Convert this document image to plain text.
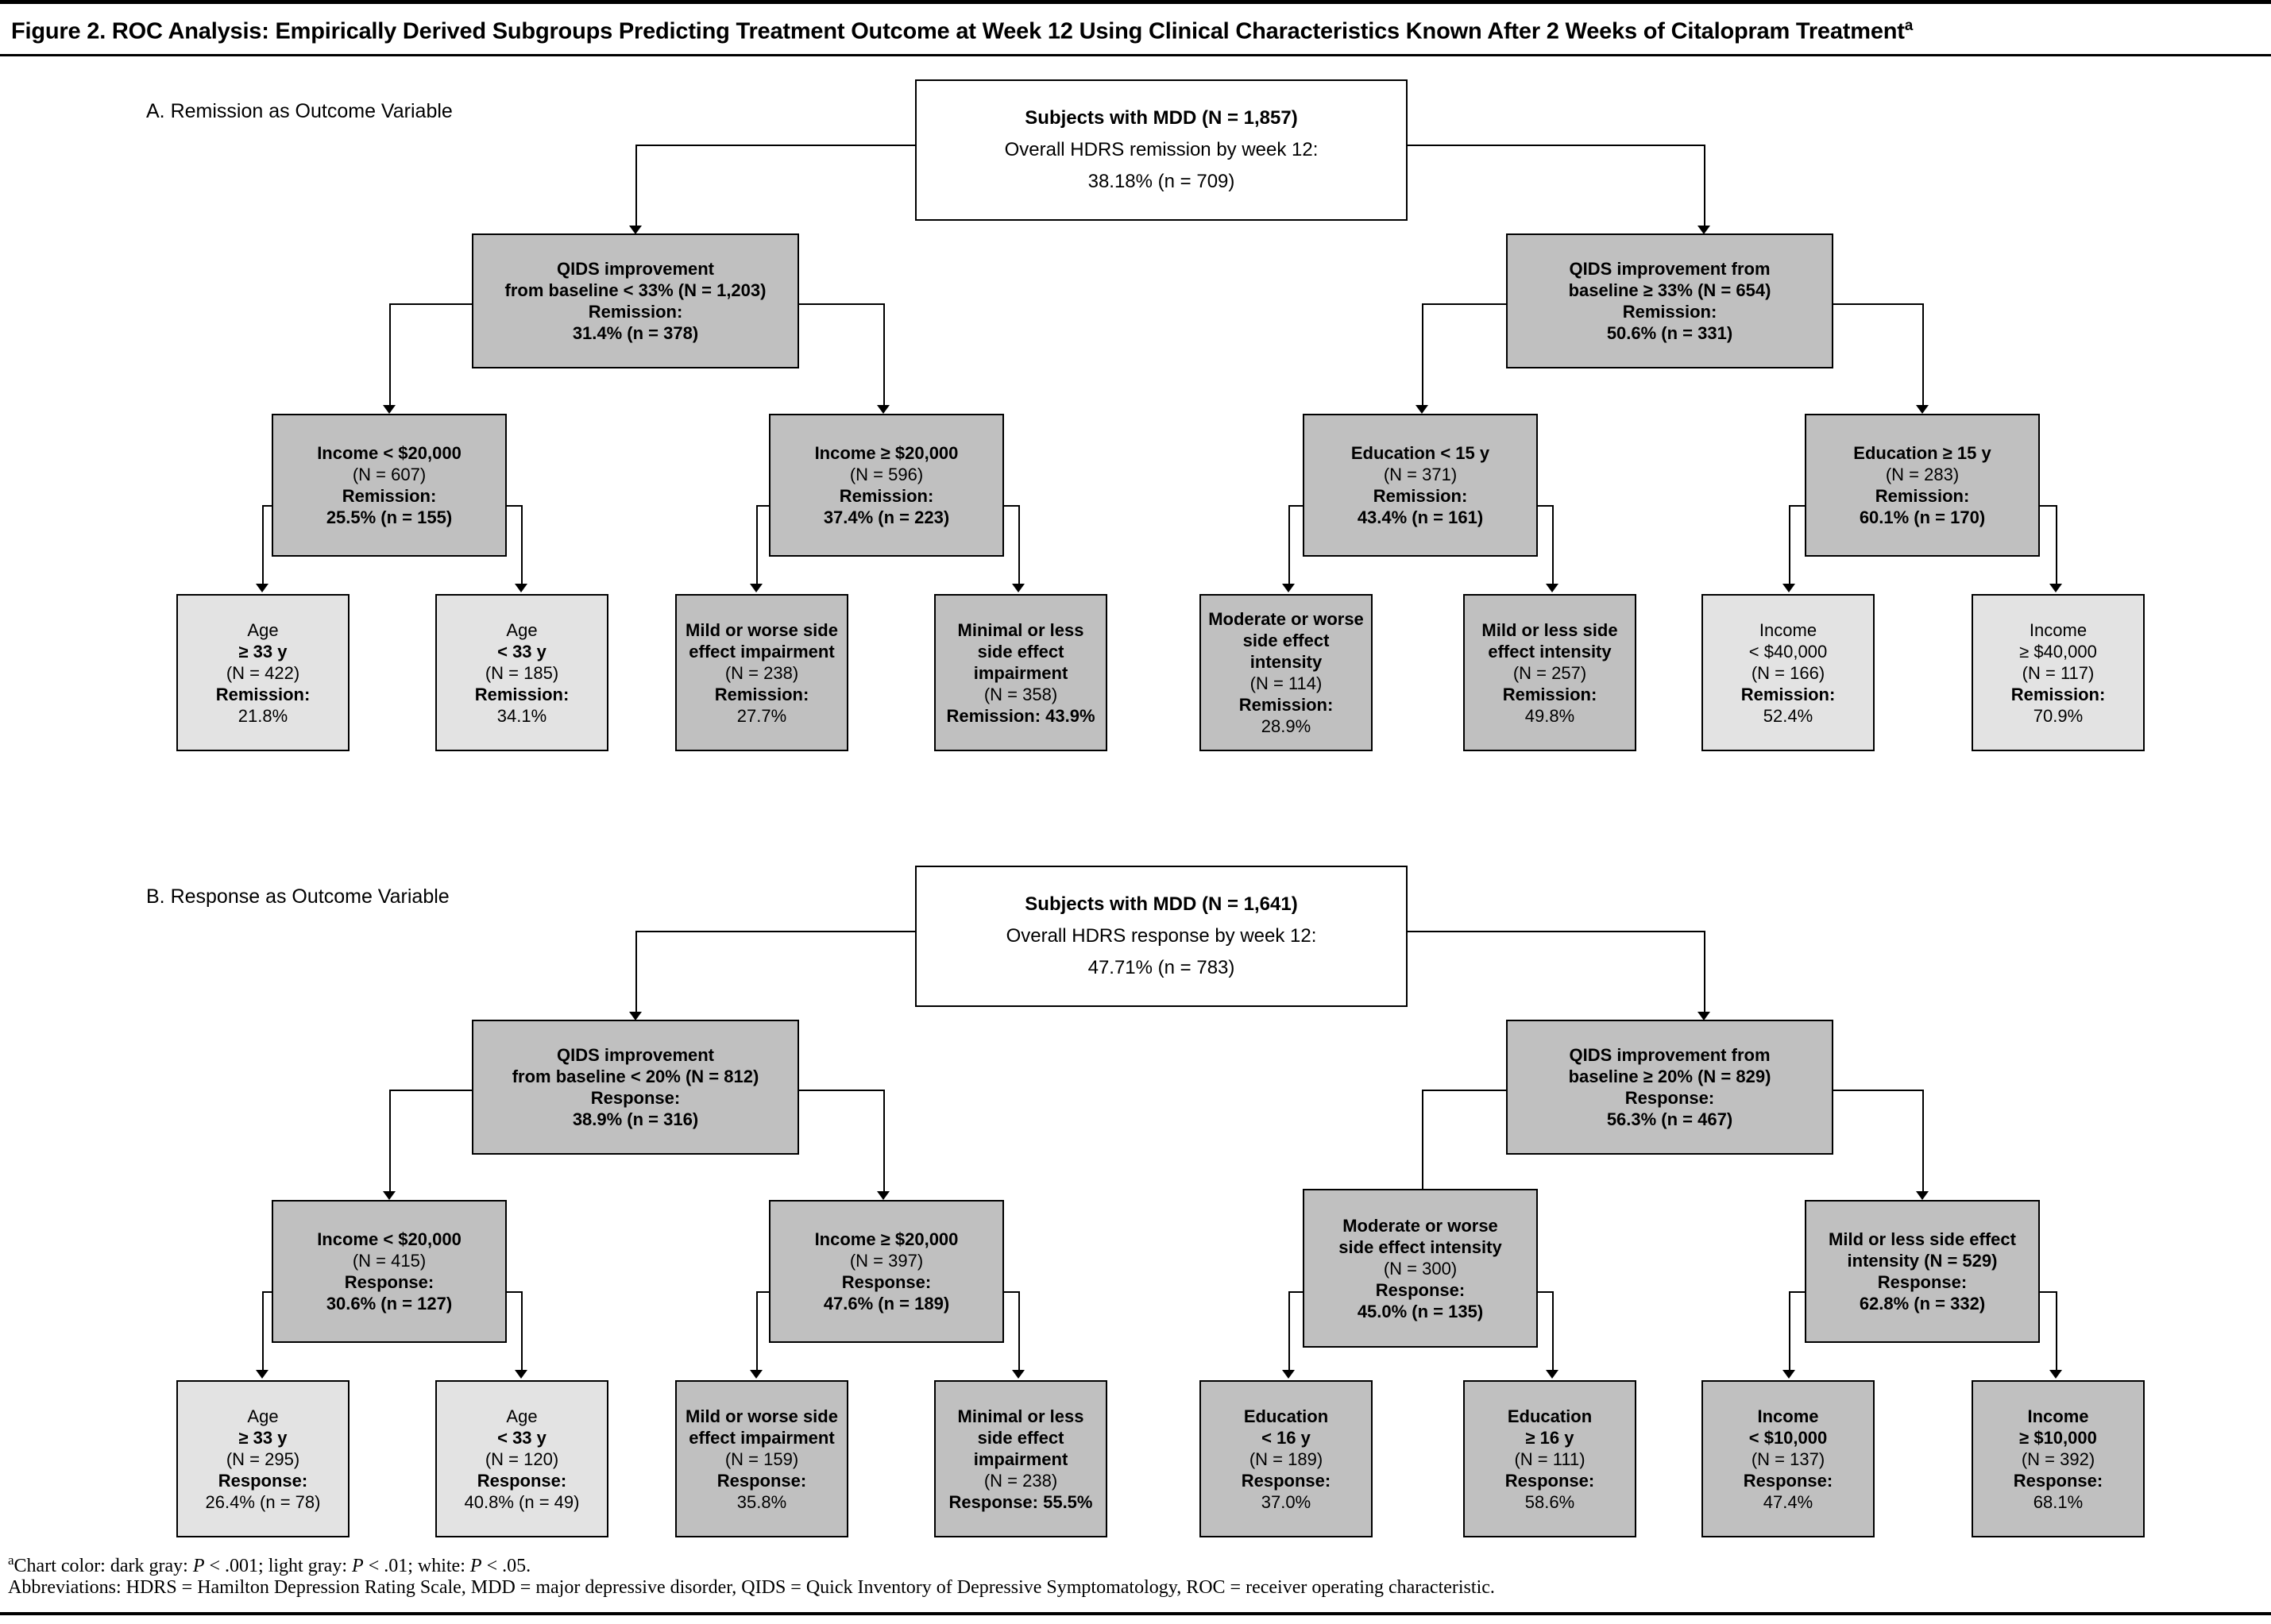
Figure 2. ROC Analysis: Empirically Derived Subgroups Predicting Treatment Outcome at Week 12 Using Clinical Characteristics Known After 2 Weeks of Citalopram Treatment$^a$
A. Remission as Outcome Variable	Subjects with MDD (N = 1,857)
Overall HDRS remission by week 12:
38.18% (n = 709)
QIDS improvement
from baseline < 33% (N = 1,203)
Remission:
31.4% (n = 378)
QIDS improvement from
baseline ≥ 33% (N = 654)
Remission:
50.6% (n = 331)
Income < $20,000
(N = 607)
Remission:
25.5% (n = 155)
Income ≥ $20,000
(N = 596)
Remission:
37.4% (n = 223)
Education < 15 y
(N = 371)
Remission:
43.4% (n = 161)
Education ≥ 15 y
(N = 283)
Remission:
60.1% (n = 170)
Age
≥ 33 y
(N = 422)
Remission:
21.8%
Age
< 33 y
(N = 185)
Remission:
34.1%
Mild or worse side
effect impairment
(N = 238)
Remission:
27.7%
Minimal or less
side effect
impairment
(N = 358)
Remission: 43.9%
Moderate or worse
side effect intensity
(N = 114)
Remission:
28.9%
Mild or less side
effect intensity
(N = 257)
Remission:
49.8%
Income
< $40,000
(N = 166)
Remission:
52.4%
Income
≥ $40,000
(N = 117)
Remission:
70.9%
B. Response as Outcome Variable	Subjects with MDD (N = 1,641)
Overall HDRS response by week 12:
47.71% (n = 783)
QIDS improvement
from baseline < 20% (N = 812)
Response:
38.9% (n = 316)
QIDS improvement from
baseline ≥ 20% (N = 829)
Response:
56.3% (n = 467)
Income < $20,000
(N = 415)
Response:
30.6% (n = 127)
Income ≥ $20,000
(N = 397)
Response:
47.6% (n = 189)
Moderate or worse
side effect intensity
(N = 300)
Response:
45.0% (n = 135)
Mild or less side effect
intensity (N = 529)
Response:
62.8% (n = 332)
Age
≥ 33 y
(N = 295)
Response:
26.4% (n = 78)
Age
< 33 y
(N = 120)
Response:
40.8% (n = 49)
Mild or worse side
effect impairment
(N = 159)
Response:
35.8%
Minimal or less
side effect
impairment
(N = 238)
Response: 55.5%
Education
< 16 y
(N = 189)
Response:
37.0%
Education
≥ 16 y
(N = 111)
Response:
58.6%
Income
< $10,000
(N = 137)
Response:
47.4%
Income
≥ $10,000
(N = 392)
Response:
68.1%
$^a$Chart color: dark gray: P < .001; light gray: P < .01; white: P < .05.
Abbreviations: HDRS = Hamilton Depression Rating Scale, MDD = major depressive disorder, QIDS = Quick Inventory of Depressive Symptomatology, ROC = receiver operating characteristic.
